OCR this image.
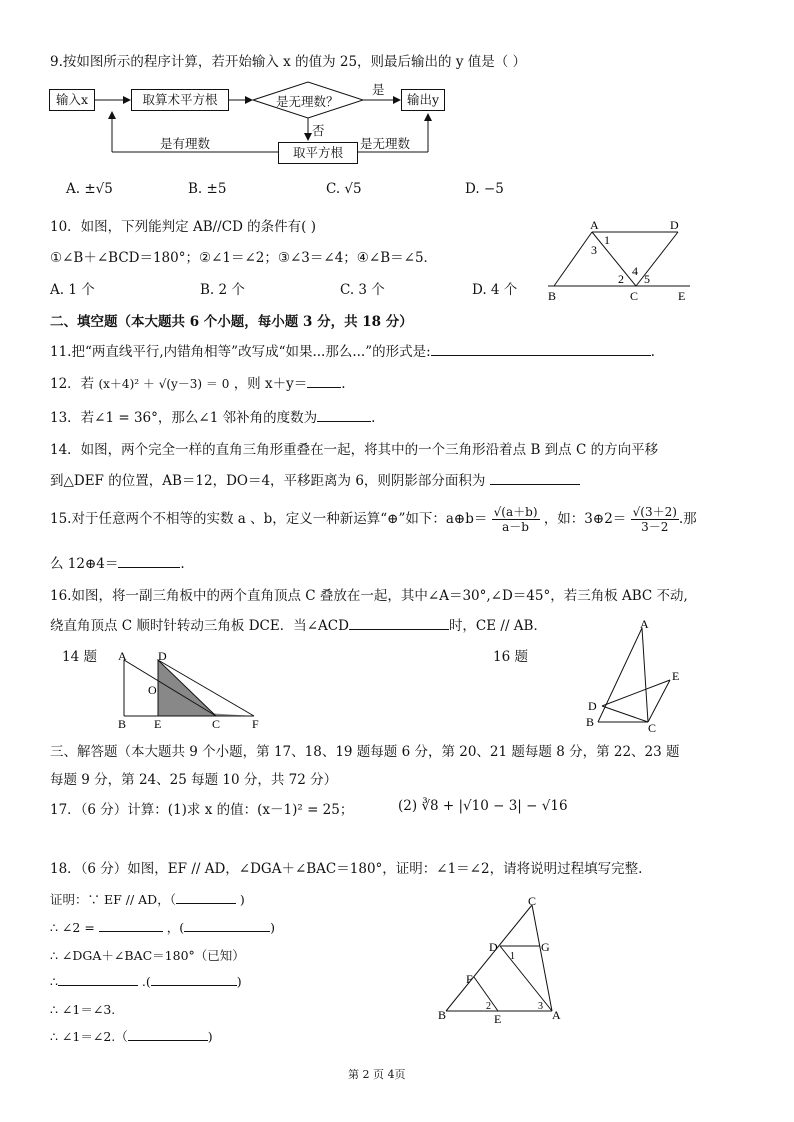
9.按如图所示的程序计算，若开始输入 x 的值为 25，则最后输出的 y 值是（ ）
输入x	取算术平方根	是无理数？	输出y
是
否
取平方根
是有理数	是无理数
A. ±√5	B. ±5	C. √5	D. −5
10．如图，下列能判定 AB//CD 的条件有( )
①∠B＋∠BCD＝180°；②∠1＝∠2；③∠3＝∠4；④∠B＝∠5．
A. 1 个	B. 2 个	C. 3 个	D. 4 个
A	D
1
3
2
4
5
B	C	E
二、填空题（本大题共 6 个小题，每小题 3 分，共 18 分）
11.把“两直线平行,内错角相等”改写成“如果...那么...”的形式是:	.
12．若 (x＋4)² ＋ √(y－3) ＝ 0 ，则 x＋y＝	.
13．若∠1 = 36°，那么∠1 邻补角的度数为	.
14．如图，两个完全一样的直角三角形重叠在一起，将其中的一个三角形沿着点 B 到点 C 的方向平移
到△DEF 的位置，AB＝12，DO＝4，平移距离为 6，则阴影部分面积为
15.对于任意两个不相等的实数 a 、b，定义一种新运算“⊕”如下：a⊕b＝ $\frac{√(a+b)}{a-b}$ ，如：3⊕2＝ $\frac{√(3+2)}{3-2}$ .那
么 12⊕4＝	.
16.如图，将一副三角板中的两个直角顶点 C 叠放在一起，其中∠A＝30°,∠D＝45°，若三角板 ABC 不动,
绕直角顶点 C 顺时针转动三角板 DCE．当∠ACD	时，CE // AB．
14 题 A	D
O
B E	C	F
16 题
A
E
D
B	C
三、解答题（本大题共 9 个小题，第 17、18、19 题每题 6 分，第 20、21 题每题 8 分，第 22、23 题
每题 9 分，第 24、25 每题 10 分，共 72 分）
17．（6 分）计算：(1)求 x 的值：(x－1)² = 25；	(2) ∛8 + |√10 − 3| − √16
18．（6 分）如图，EF // AD，∠DGA＋∠BAC＝180°，证明：∠1＝∠2，请将说明过程填写完整.
证明：∵ EF // AD，（	)
∴ ∠2 =	，(	)
∴ ∠DGA＋∠BAC＝180°（已知）
∴	.(	)
∴ ∠1＝∠3.
∴ ∠1＝∠2.（	)
C
D	G
1
F
2	3
B	E	A
第 2 页 4页
